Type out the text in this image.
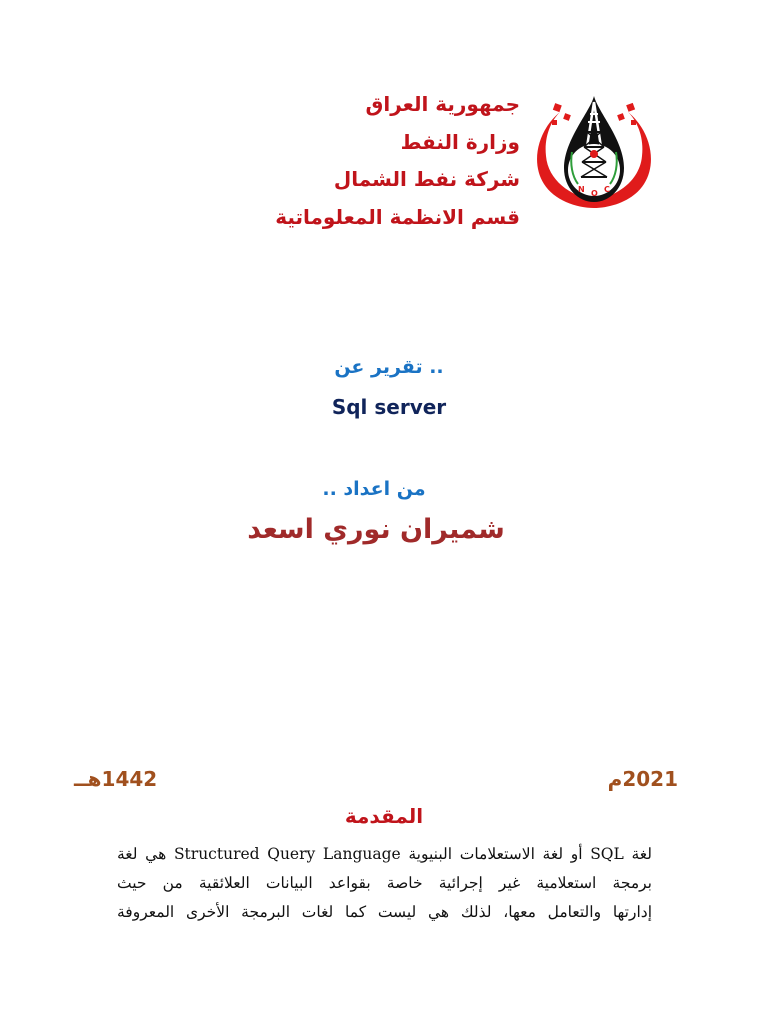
جمهورية العراق
وزارة النفط
شركة نفط الشمال
قسم الانظمة المعلوماتية
N O C
.. تقرير عن
Sql server
من اعداد ..
شميران نوري اسعد
2021م
1442هــ
المقدمة
لغة SQL أو لغة الاستعلامات البنيوية Structured Query Language هي لغة
برمجة استعلامية غير إجرائية خاصة بقواعد البيانات العلائقية من حيث
إدارتها والتعامل معها، لذلك هي ليست كما لغات البرمجة الأخرى المعروفة
